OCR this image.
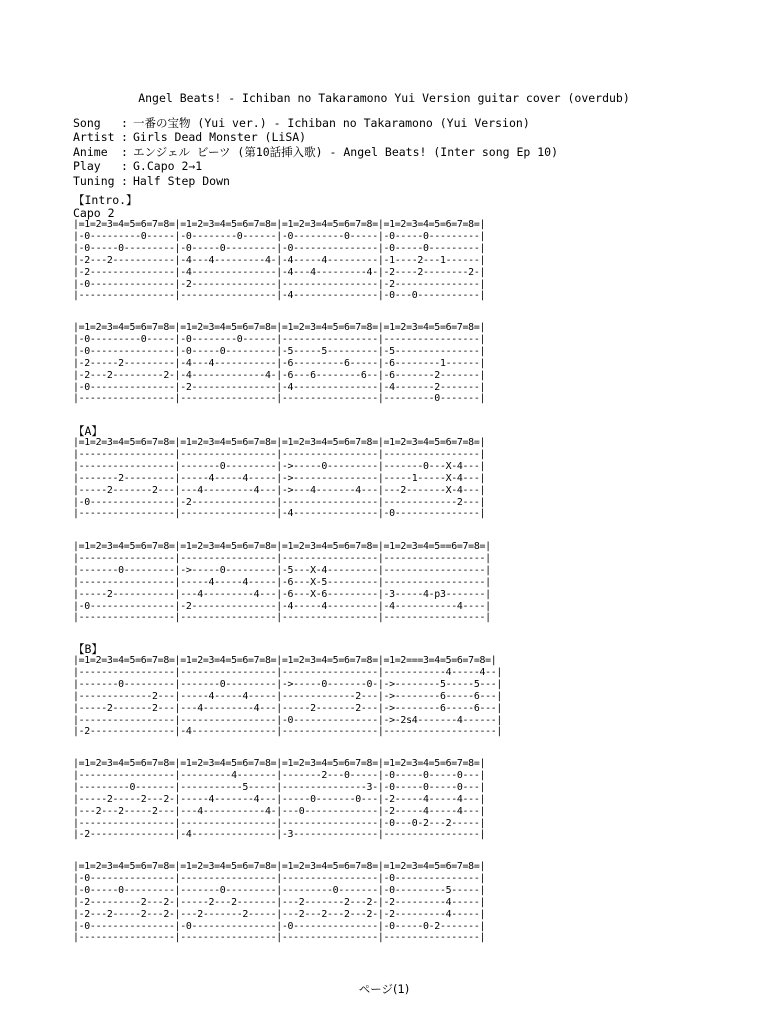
Angel Beats! - Ichiban no Takaramono Yui Version guitar cover (overdub)
Song : 一番の宝物 (Yui ver.) - Ichiban no Takaramono (Yui Version)
Artist : Girls Dead Monster (LiSA)
Anime : エンジェル ビーツ (第10話挿入歌) - Angel Beats! (Inter song Ep 10)
Play : G.Capo 2→1
Tuning : Half Step Down
【Intro.】
Capo 2
|=1=2=3=4=5=6=7=8=|=1=2=3=4=5=6=7=8=|=1=2=3=4=5=6=7=8=|=1=2=3=4=5=6=7=8=|
|-0---------0-----|-0--------0------|-0---------0-----|-0-----0---------|
|-0-----0---------|-0-----0---------|-0---------------|-0-----0---------|
|-2---2-----------|-4---4---------4-|-4-----4---------|-1----2---1------|
|-2---------------|-4---------------|-4---4---------4-|-2----2--------2-|
|-0---------------|-2---------------|-----------------|-2---------------|
|-----------------|-----------------|-4---------------|-0---0-----------|
|=1=2=3=4=5=6=7=8=|=1=2=3=4=5=6=7=8=|=1=2=3=4=5=6=7=8=|=1=2=3=4=5=6=7=8=|
|-0---------0-----|-0--------0------|-----------------|-----------------|
|-0---------------|-0-----0---------|-5-----5---------|-5---------------|
|-2-----2---------|-4---4-----------|-6---------6-----|-6--------1------|
|-2---2---------2-|-4-------------4-|-6---6--------6--|-6-------2-------|
|-0---------------|-2---------------|-4---------------|-4-------2-------|
|-----------------|-----------------|-----------------|---------0-------|
【A】
|=1=2=3=4=5=6=7=8=|=1=2=3=4=5=6=7=8=|=1=2=3=4=5=6=7=8=|=1=2=3=4=5=6=7=8=|
|-----------------|-----------------|-----------------|-----------------|
|-----------------|-------0---------|->-----0---------|-------0---X-4---|
|-------2---------|-----4-----4-----|->---------------|-----1-----X-4---|
|-----2-------2---|---4---------4---|->---4-------4---|---2-------X-4---|
|-0---------------|-2---------------|-----------------|-------------2---|
|-----------------|-----------------|-4---------------|-0---------------|
|=1=2=3=4=5=6=7=8=|=1=2=3=4=5=6=7=8=|=1=2=3=4=5=6=7=8=|=1=2=3=4=5==6=7=8=|
|-----------------|-----------------|-----------------|------------------|
|-------0---------|->-----0---------|-5---X-4---------|------------------|
|-----------------|-----4-----4-----|-6---X-5---------|------------------|
|-----2-----------|---4---------4---|-6---X-6---------|-3-----4-p3-------|
|-0---------------|-2---------------|-4-----4---------|-4-----------4----|
|-----------------|-----------------|-----------------|------------------|
【B】
|=1=2=3=4=5=6=7=8=|=1=2=3=4=5=6=7=8=|=1=2=3=4=5=6=7=8=|=1=2===3=4=5=6=7=8=|
|-----------------|-----------------|-----------------|-----------4-----4--|
|-------0---------|-------0---------|->-----0-------0-|->--------5-----5---|
|-------------2---|-----4-----4-----|-------------2---|->--------6-----6---|
|-----2-------2---|---4---------4---|-----2-------2---|->--------6-----6---|
|-----------------|-----------------|-0---------------|->-2s4-------4------|
|-2---------------|-4---------------|-----------------|--------------------|
|=1=2=3=4=5=6=7=8=|=1=2=3=4=5=6=7=8=|=1=2=3=4=5=6=7=8=|=1=2=3=4=5=6=7=8=|
|-----------------|---------4-------|-------2---0-----|-0-----0-----0---|
|---------0-------|-----------5-----|---------------3-|-0-----0-----0---|
|-----2-----2---2-|-----4-------4---|-----0-------0---|-2-----4-----4---|
|---2---2-----2---|---4-----------4-|---0-------------|-2-----4-----4---|
|-----------------|-----------------|-----------------|-0---0-2---2-----|
|-2---------------|-4---------------|-3---------------|-----------------|
|=1=2=3=4=5=6=7=8=|=1=2=3=4=5=6=7=8=|=1=2=3=4=5=6=7=8=|=1=2=3=4=5=6=7=8=|
|-0---------------|-----------------|-----------------|-0---------------|
|-0-----0---------|-------0---------|---------0-------|-0---------5-----|
|-2---------2---2-|-----2---2-------|---2-------2---2-|-2---------4-----|
|-2---2-----2---2-|---2-------2-----|---2---2---2---2-|-2---------4-----|
|-0---------------|-0---------------|-0---------------|-0-----0-2-------|
|-----------------|-----------------|-----------------|-----------------|
ページ(1)
